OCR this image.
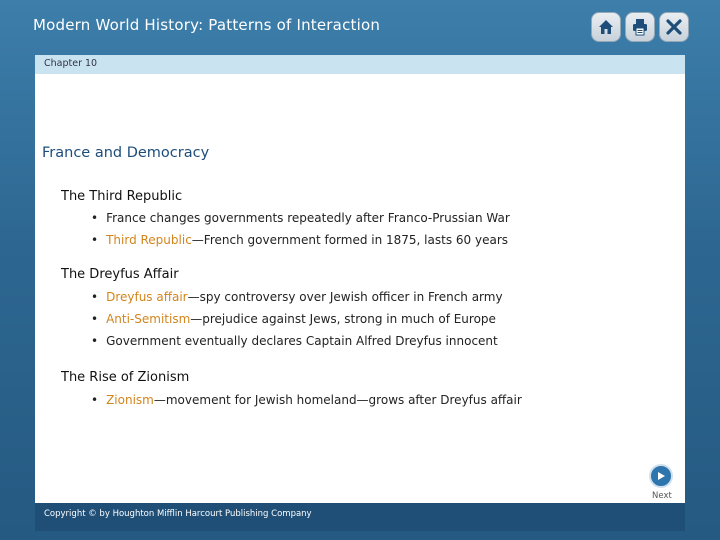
Modern World History: Patterns of Interaction
Chapter 10
France and Democracy
The Third Republic
• France changes governments repeatedly after Franco-Prussian War
• Third Republic—French government formed in 1875, lasts 60 years
The Dreyfus Affair
• Dreyfus affair—spy controversy over Jewish officer in French army
• Anti-Semitism—prejudice against Jews, strong in much of Europe
• Government eventually declares Captain Alfred Dreyfus innocent
The Rise of Zionism
• Zionism—movement for Jewish homeland—grows after Dreyfus affair
Next
Copyright © by Houghton Mifflin Harcourt Publishing Company
